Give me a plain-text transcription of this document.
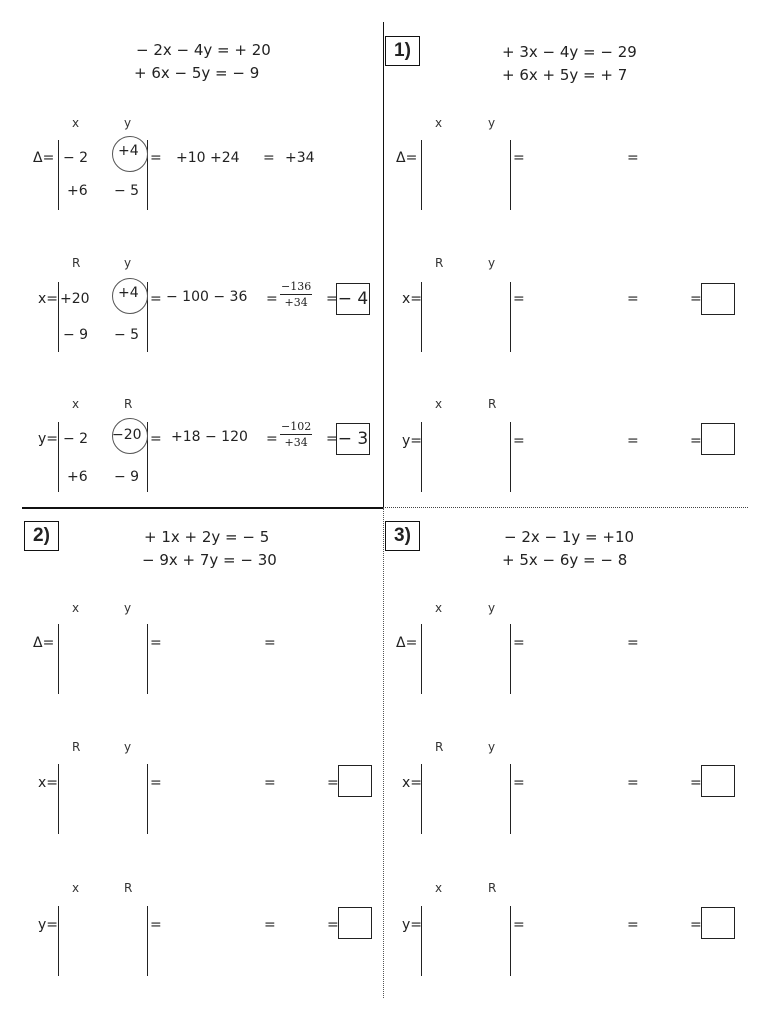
− 2x − 4y = + 20
+ 6x − 5y = − 9
x	y
Δ= − 2 +4
+6 − 5
= +10 +24 = +34
R	y
x= +20 +4
− 9 − 5
= − $100 - 36 = \frac{-136}{+34}$ = − 4
x	R
y= − 2 −20
+6 − 9
= $+18 - 120 = \frac{-102}{+34}$ = − 3
1)	+ 3x − 4y = − 29
+ 6x + 5y = + 7
x	y
Δ=	=	=
R	y
x=	=	=	=
x	R
y=	=	=	=
2)	+ 1x + 2y = − 5
− 9x + 7y = − 30
x	y
Δ=	=	=
R	y
x=	=	=	=
x	R
y=	=	=	=
3)	− 2x − 1y = +10
+ 5x − 6y = − 8
x	y
Δ=	=	=
R	y
x=	=	=	=
x	R
y=	=	=	=
